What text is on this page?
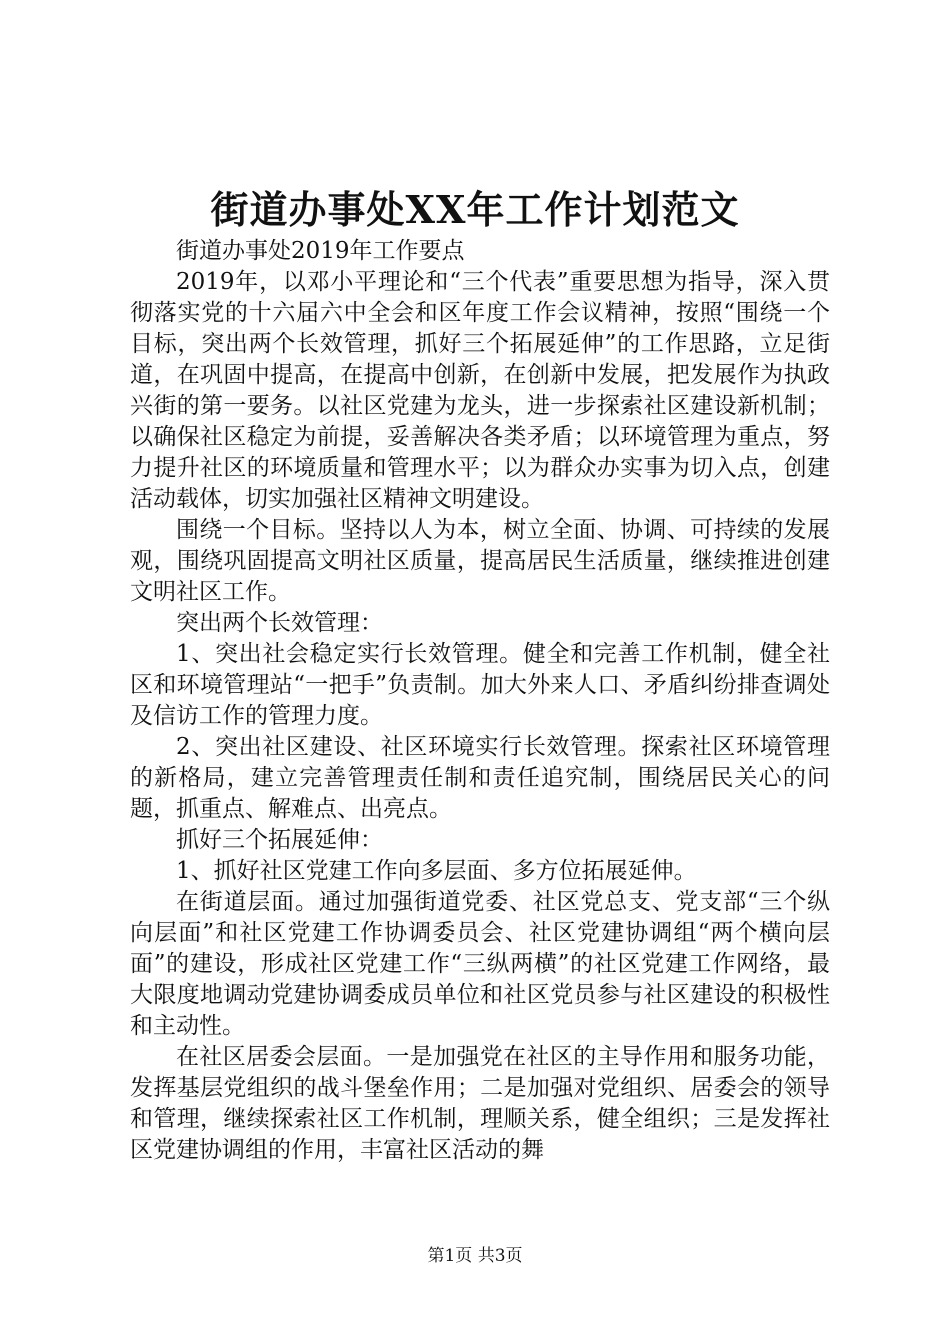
街道办事处XX年工作计划范文

街道办事处2019年工作要点

2019年，以邓小平理论和“三个代表”重要思想为指导，深入贯彻落实党的十六届六中全会和区年度工作会议精神，按照“围绕一个目标，突出两个长效管理，抓好三个拓展延伸”的工作思路，立足街道，在巩固中提高，在提高中创新，在创新中发展，把发展作为执政兴街的第一要务。以社区党建为龙头，进一步探索社区建设新机制；以确保社区稳定为前提，妥善解决各类矛盾；以环境管理为重点，努力提升社区的环境质量和管理水平；以为群众办实事为切入点，创建活动载体，切实加强社区精神文明建设。

围绕一个目标。坚持以人为本，树立全面、协调、可持续的发展观，围绕巩固提高文明社区质量，提高居民生活质量，继续推进创建文明社区工作。

突出两个长效管理：

1、突出社会稳定实行长效管理。健全和完善工作机制，健全社区和环境管理站“一把手”负责制。加大外来人口、矛盾纠纷排查调处及信访工作的管理力度。

2、突出社区建设、社区环境实行长效管理。探索社区环境管理的新格局，建立完善管理责任制和责任追究制，围绕居民关心的问题，抓重点、解难点、出亮点。

抓好三个拓展延伸：

1、抓好社区党建工作向多层面、多方位拓展延伸。

在街道层面。通过加强街道党委、社区党总支、党支部“三个纵向层面”和社区党建工作协调委员会、社区党建协调组“两个横向层面”的建设，形成社区党建工作“三纵两横”的社区党建工作网络，最大限度地调动党建协调委成员单位和社区党员参与社区建设的积极性和主动性。

在社区居委会层面。一是加强党在社区的主导作用和服务功能，发挥基层党组织的战斗堡垒作用；二是加强对党组织、居委会的领导和管理，继续探索社区工作机制，理顺关系，健全组织；三是发挥社区党建协调组的作用，丰富社区活动的舞

第1页 共3页
